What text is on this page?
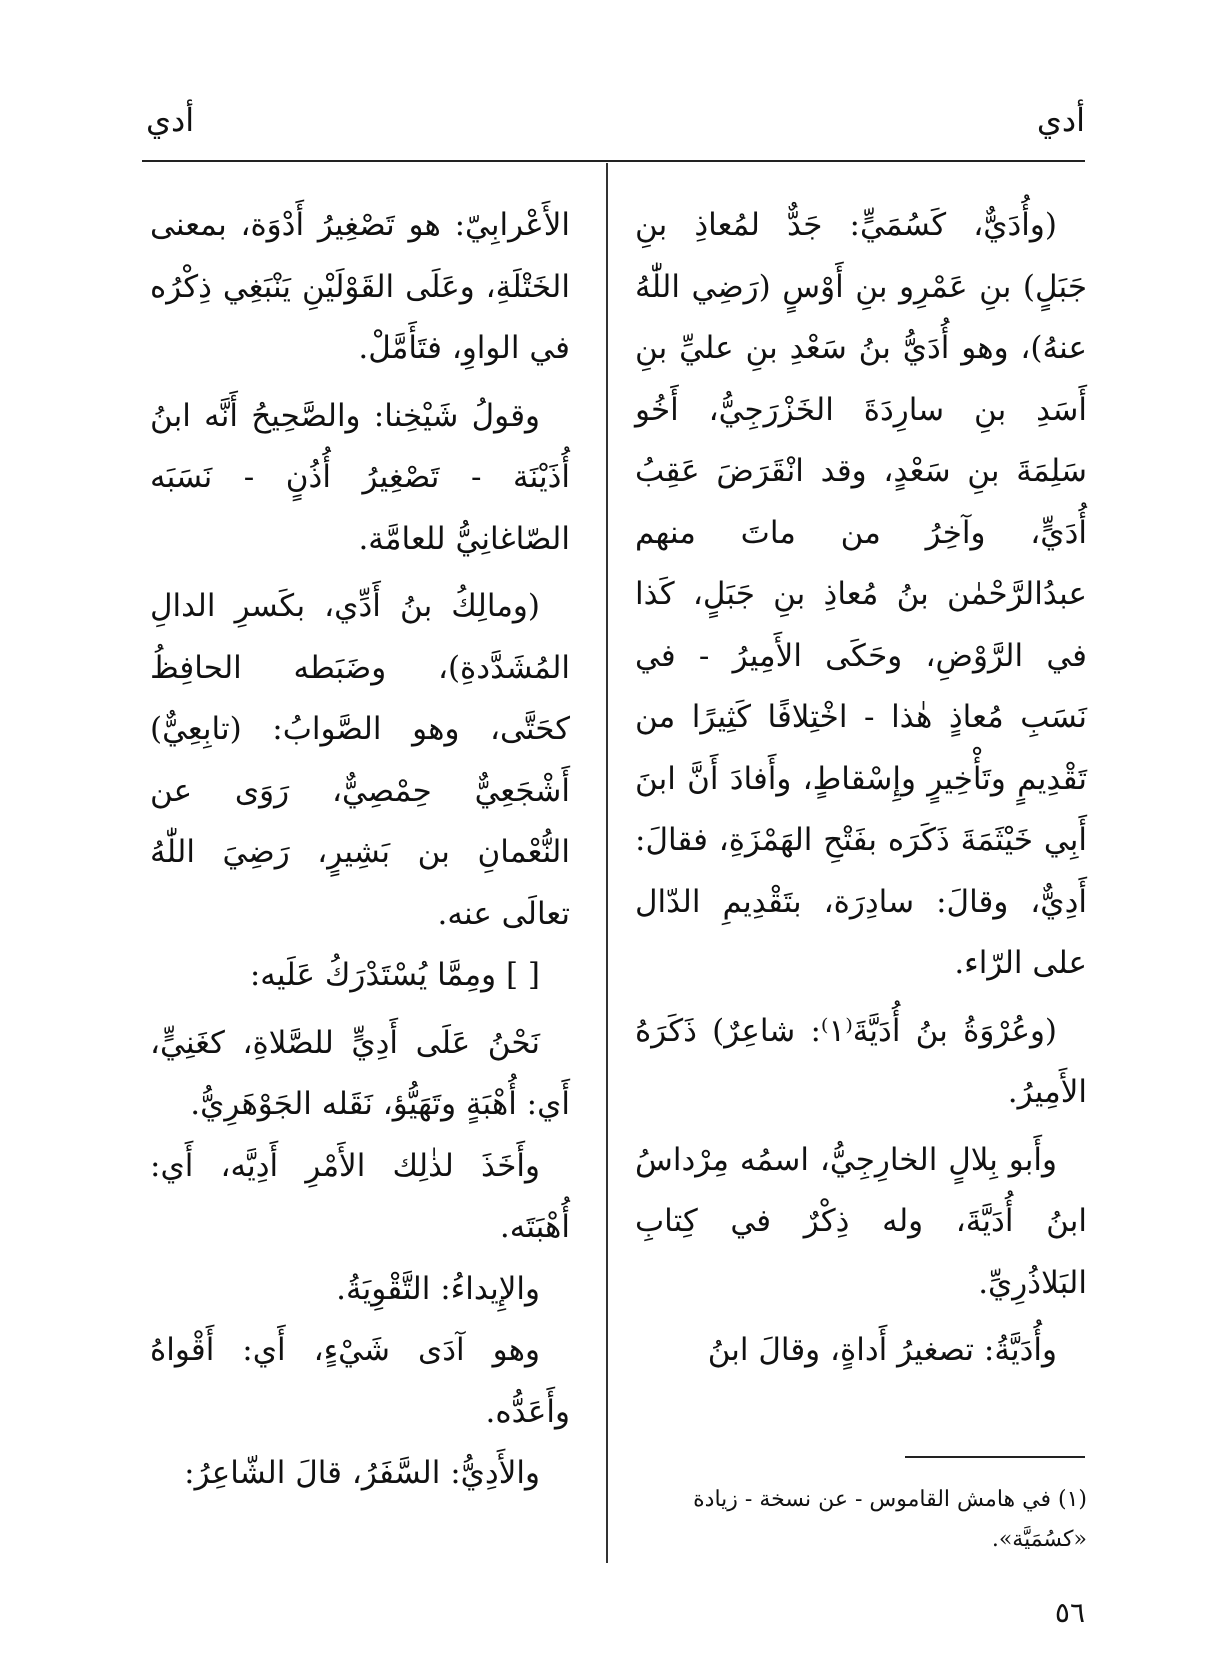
أدي
أدي

(وأُدَيٌّ، كَسُمَيٍّ: جَدٌّ لمُعاذِ بنِ جَبَلٍ) بنِ عَمْرِو بنِ أَوْسٍ (رَضِي اللّٰهُ عنهُ)، وهو أُدَيُّ بنُ سَعْدِ بنِ عليِّ بنِ أَسَدِ بنِ سارِدَةَ الخَزْرَجِيُّ، أَخُو سَلِمَةَ بنِ سَعْدٍ، وقد انْقَرَضَ عَقِبُ أُدَيٍّ، وآخِرُ من ماتَ منهم عبدُالرَّحْمٰن بنُ مُعاذِ بنِ جَبَلٍ، كَذا في الرَّوْضِ، وحَكَى الأَمِيرُ - في نَسَبِ مُعاذٍ هٰذا - اخْتِلافًا كَثِيرًا من تَقْدِيمٍ وتَأْخِيرٍ وإِسْقاطٍ، وأَفادَ أَنَّ ابنَ أَبِي خَيْثَمَةَ ذَكَرَه بفَتْحِ الهَمْزَةِ، فقالَ: أَدِيٌّ، وقالَ: سادِرَة، بتَقْدِيمِ الدّال على الرّاء.

(وعُرْوَةُ بنُ أُدَيَّةَ⁽١⁾: شاعِرٌ) ذَكَرَهُ الأَمِيرُ.

وأَبو بِلالٍ الخارِجِيُّ، اسمُه مِرْداسُ ابنُ أُدَيَّةَ، وله ذِكْرٌ في كِتابِ البَلاذُرِيِّ.

وأُدَيَّةُ: تصغيرُ أَداةٍ، وقالَ ابنُ

الأَعْرابِيّ: هو تَصْغِيرُ أَدْوَة، بمعنى الخَتْلَةِ، وعَلَى القَوْلَيْنِ يَنْبَغِي ذِكْرُه في الواوِ، فتَأَمَّلْ.

وقولُ شَيْخِنا: والصَّحِيحُ أَنَّه ابنُ أُذَيْنَة - تَصْغِيرُ أُذُنٍ - نَسَبَه الصّاغانِيُّ للعامَّة.

(ومالِكُ بنُ أَدِّي، بكَسرِ الدالِ المُشَدَّدةِ)، وضَبَطه الحافِظُ كحَتَّى، وهو الصَّوابُ: (تابِعِيٌّ) أَشْجَعِيٌّ حِمْصِيٌّ، رَوَى عن النُّعْمانِ بن بَشِيرٍ، رَضِيَ اللّٰهُ تعالَى عنه.

[ ] ومِمَّا يُسْتَدْرَكُ عَلَيه:

نَحْنُ عَلَى أَدِيٍّ للصَّلاةِ، كغَنِيٍّ، أَي: أُهْبَةٍ وتَهَيُّؤ، نَقَله الجَوْهَرِيُّ.

وأَخَذَ لذٰلِك الأَمْرِ أَدِيَّه، أَي: أُهْبَتَه.

والإِيداءُ: التَّقْوِيَةُ.

وهو آدَى شَيْءٍ، أَي: أَقْواهُ وأَعَدُّه.

والأَدِيُّ: السَّفَرُ، قالَ الشّاعِرُ:

(١) في هامش القاموس - عن نسخة - زيادة «كسُمَيَّة».
٥٦
